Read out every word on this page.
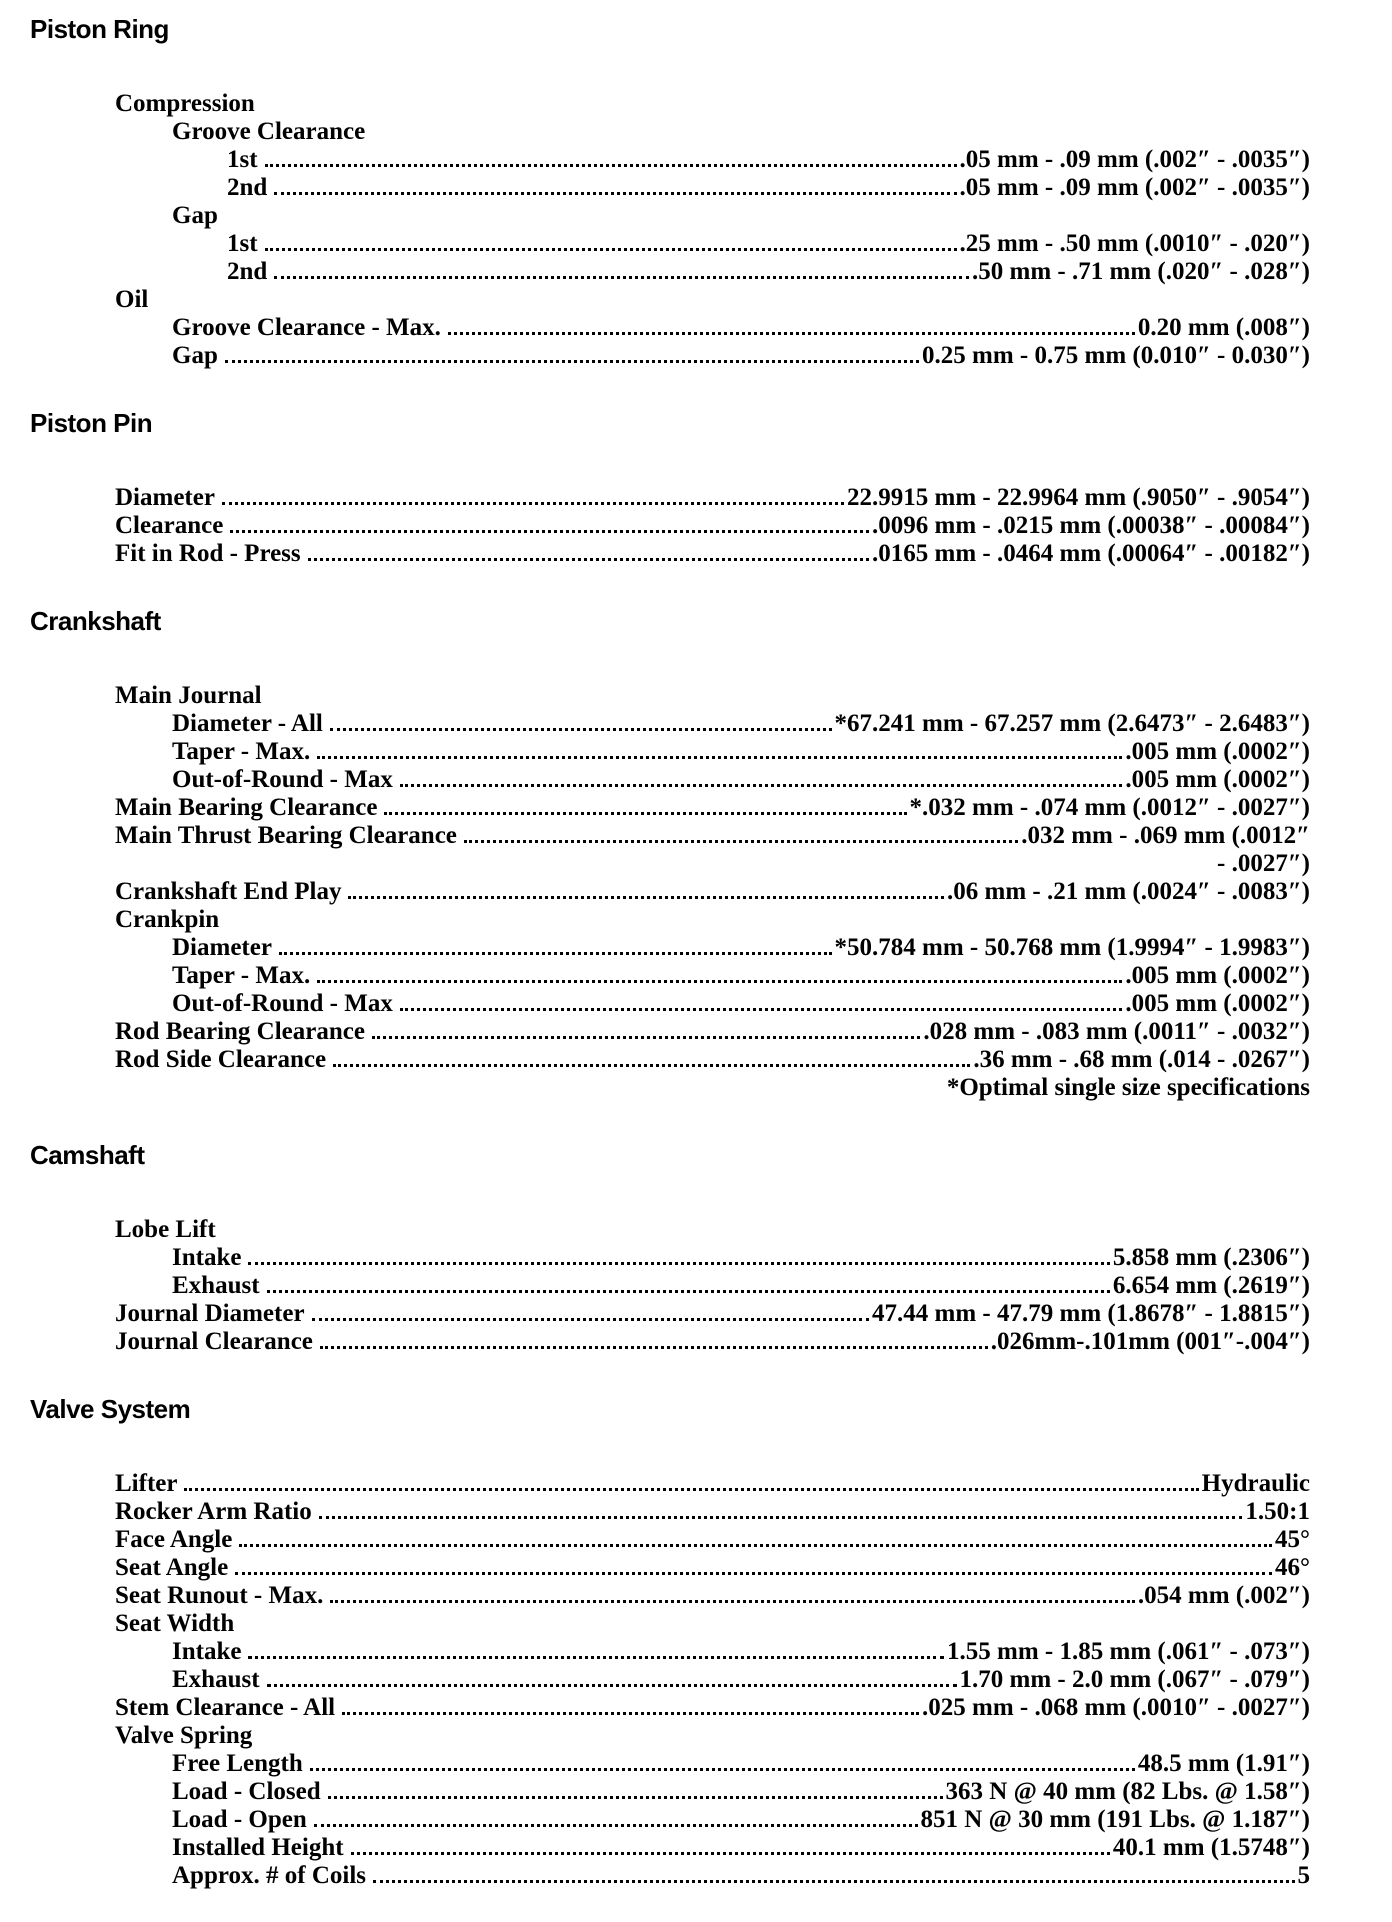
Piston Ring
Compression
Groove Clearance
1st	.05 mm - .09 mm (.002″ - .0035″)
2nd	.05 mm - .09 mm (.002″ - .0035″)
Gap
1st	.25 mm - .50 mm (.0010″ - .020″)
2nd	.50 mm - .71 mm (.020″ - .028″)
Oil
Groove Clearance - Max.	0.20 mm (.008″)
Gap	0.25 mm - 0.75 mm (0.010″ - 0.030″)
Piston Pin
Diameter	22.9915 mm - 22.9964 mm (.9050″ - .9054″)
Clearance	.0096 mm - .0215 mm (.00038″ - .00084″)
Fit in Rod - Press	.0165 mm - .0464 mm (.00064″ - .00182″)
Crankshaft
Main Journal
Diameter - All	*67.241 mm - 67.257 mm (2.6473″ - 2.6483″)
Taper - Max.	.005 mm (.0002″)
Out-of-Round - Max	.005 mm (.0002″)
Main Bearing Clearance	*.032 mm - .074 mm (.0012″ - .0027″)
Main Thrust Bearing Clearance	.032 mm - .069 mm (.0012″
- .0027″)
Crankshaft End Play	.06 mm - .21 mm (.0024″ - .0083″)
Crankpin
Diameter	*50.784 mm - 50.768 mm (1.9994″ - 1.9983″)
Taper - Max.	.005 mm (.0002″)
Out-of-Round - Max	.005 mm (.0002″)
Rod Bearing Clearance	.028 mm - .083 mm (.0011″ - .0032″)
Rod Side Clearance	.36 mm - .68 mm (.014 - .0267″)
*Optimal single size specifications
Camshaft
Lobe Lift
Intake	5.858 mm (.2306″)
Exhaust	6.654 mm (.2619″)
Journal Diameter	47.44 mm - 47.79 mm (1.8678″ - 1.8815″)
Journal Clearance	.026mm-.101mm (001″-.004″)
Valve System
Lifter	Hydraulic
Rocker Arm Ratio	1.50:1
Face Angle	45°
Seat Angle	46°
Seat Runout - Max.	.054 mm (.002″)
Seat Width
Intake	1.55 mm - 1.85 mm (.061″ - .073″)
Exhaust	1.70 mm - 2.0 mm (.067″ - .079″)
Stem Clearance - All	.025 mm - .068 mm (.0010″ - .0027″)
Valve Spring
Free Length	48.5 mm (1.91″)
Load - Closed	363 N @ 40 mm (82 Lbs. @ 1.58″)
Load - Open	851 N @ 30 mm (191 Lbs. @ 1.187″)
Installed Height	40.1 mm (1.5748″)
Approx. # of Coils	5
